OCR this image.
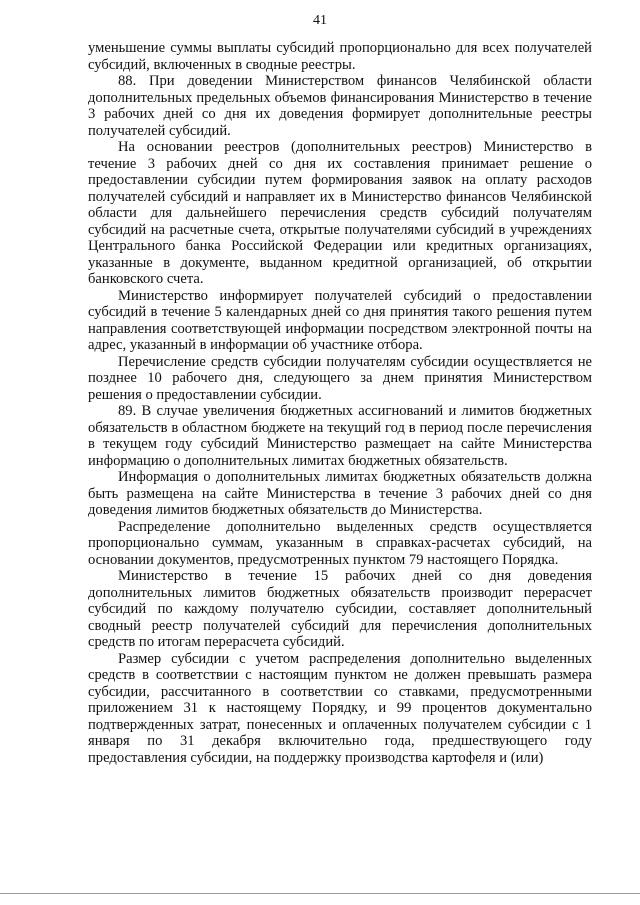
41

уменьшение суммы выплаты субсидий пропорционально для всех получателей субсидий, включенных в сводные реестры.

88. При доведении Министерством финансов Челябинской области дополнительных предельных объемов финансирования Министерство в течение 3 рабочих дней со дня их доведения формирует дополнительные реестры получателей субсидий.

На основании реестров (дополнительных реестров) Министерство в течение 3 рабочих дней со дня их составления принимает решение о предоставлении субсидии путем формирования заявок на оплату расходов получателей субсидий и направляет их в Министерство финансов Челябинской области для дальнейшего перечисления средств субсидий получателям субсидий на расчетные счета, открытые получателями субсидий в учреждениях Центрального банка Российской Федерации или кредитных организациях, указанные в документе, выданном кредитной организацией, об открытии банковского счета.

Министерство информирует получателей субсидий о предоставлении субсидий в течение 5 календарных дней со дня принятия такого решения путем направления соответствующей информации посредством электронной почты на адрес, указанный в информации об участнике отбора.

Перечисление средств субсидии получателям субсидии осуществляется не позднее 10 рабочего дня, следующего за днем принятия Министерством решения о предоставлении субсидии.

89. В случае увеличения бюджетных ассигнований и лимитов бюджетных обязательств в областном бюджете на текущий год в период после перечисления в текущем году субсидий Министерство размещает на сайте Министерства информацию о дополнительных лимитах бюджетных обязательств.

Информация о дополнительных лимитах бюджетных обязательств должна быть размещена на сайте Министерства в течение 3 рабочих дней со дня доведения лимитов бюджетных обязательств до Министерства.

Распределение дополнительно выделенных средств осуществляется пропорционально суммам, указанным в справках-расчетах субсидий, на основании документов, предусмотренных пунктом 79 настоящего Порядка.

Министерство в течение 15 рабочих дней со дня доведения дополнительных лимитов бюджетных обязательств производит перерасчет субсидий по каждому получателю субсидии, составляет дополнительный сводный реестр получателей субсидий для перечисления дополнительных средств по итогам перерасчета субсидий.

Размер субсидии с учетом распределения дополнительно выделенных средств в соответствии с настоящим пунктом не должен превышать размера субсидии, рассчитанного в соответствии со ставками, предусмотренными приложением 31 к настоящему Порядку, и 99 процентов документально подтвержденных затрат, понесенных и оплаченных получателем субсидии с 1 января по 31 декабря включительно года, предшествующего году предоставления субсидии, на поддержку производства картофеля и (или)
